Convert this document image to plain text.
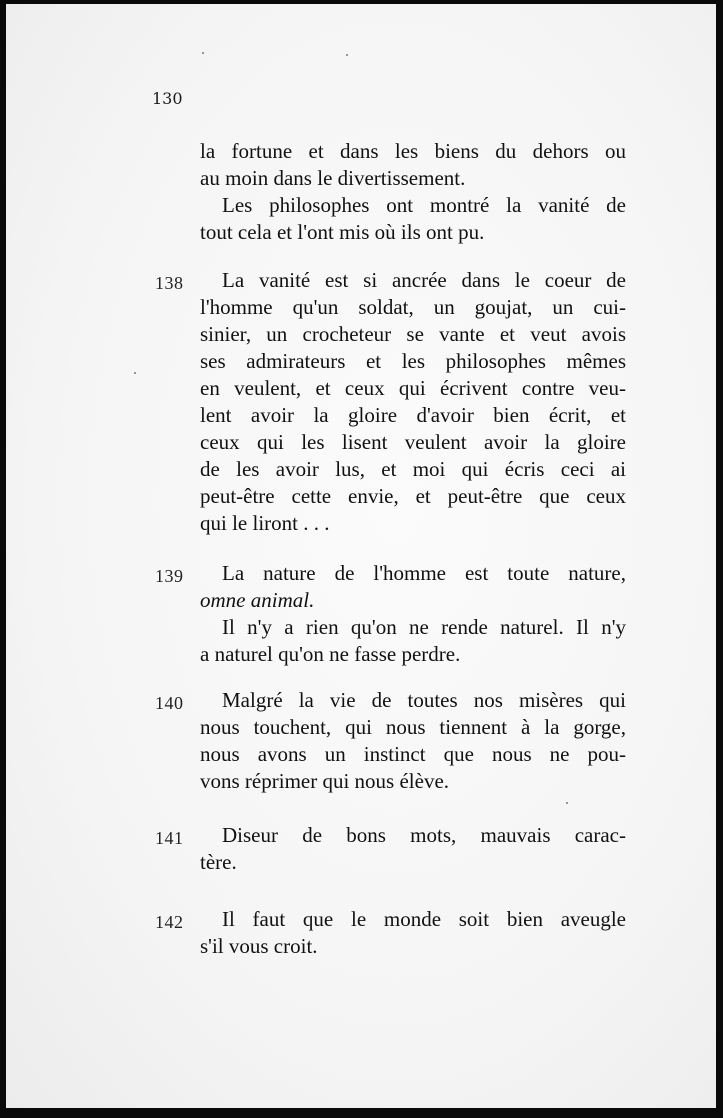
130
la fortune et dans les biens du dehors ou
au moin dans le divertissement.
Les philosophes ont montré la vanité de
tout cela et l'ont mis où ils ont pu.
138	La vanité est si ancrée dans le coeur de
l'homme qu'un soldat, un goujat, un cui-
sinier, un crocheteur se vante et veut avois
ses admirateurs et les philosophes mêmes
en veulent, et ceux qui écrivent contre veu-
lent avoir la gloire d'avoir bien écrit, et
ceux qui les lisent veulent avoir la gloire
de les avoir lus, et moi qui écris ceci ai
peut-être cette envie, et peut-être que ceux
qui le liront . . .
139	La nature de l'homme est toute nature,
omne animal.
Il n'y a rien qu'on ne rende naturel. Il n'y
a naturel qu'on ne fasse perdre.
140	Malgré la vie de toutes nos misères qui
nous touchent, qui nous tiennent à la gorge,
nous avons un instinct que nous ne pou-
vons réprimer qui nous élève.
141	Diseur de bons mots, mauvais carac-
tère.
142	Il faut que le monde soit bien aveugle
s'il vous croit.
